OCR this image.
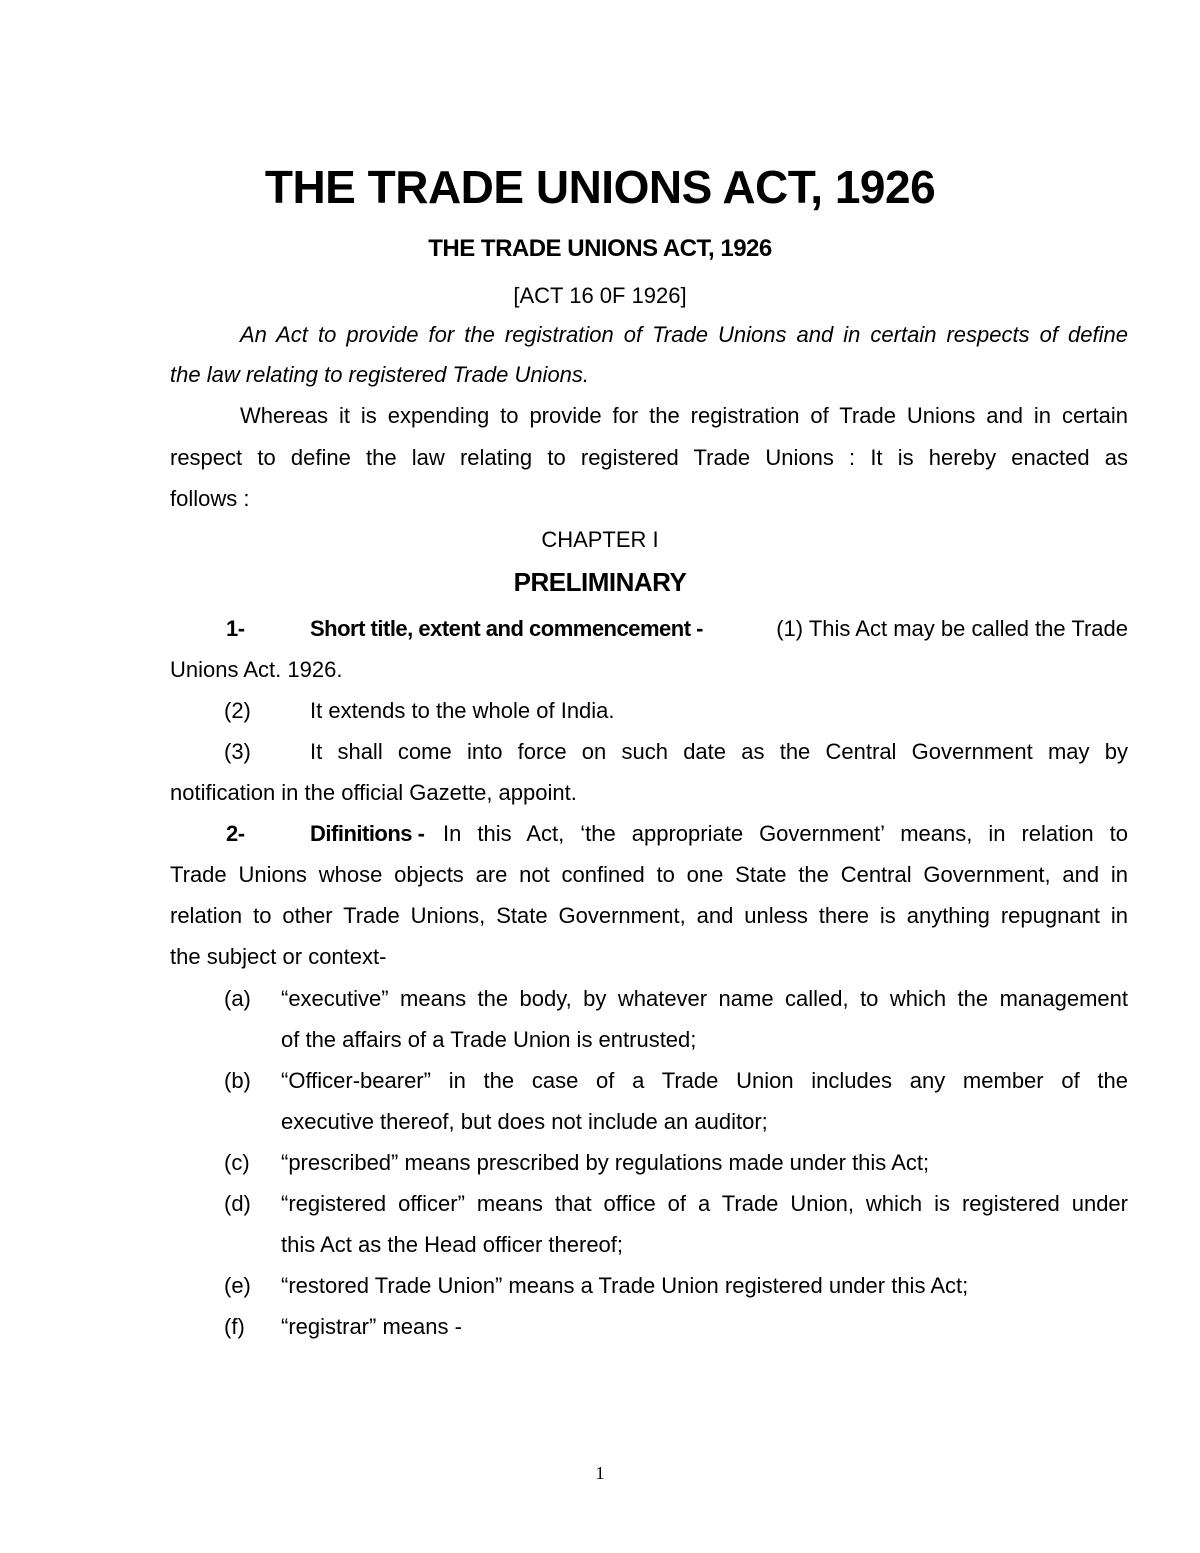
THE TRADE UNIONS ACT, 1926
THE TRADE UNIONS ACT, 1926
[ACT 16 0F 1926]
An Act to provide for the registration of Trade Unions and in certain respects of define
the law relating to registered Trade Unions.
Whereas it is expending to provide for the registration of Trade Unions and in certain
respect to define the law relating to registered Trade Unions : It is hereby enacted as
follows :
CHAPTER I
PRELIMINARY
1-	Short title, extent and commencement -	(1) This Act may be called the Trade
Unions Act. 1926.
(2)	It extends to the whole of India.
(3)	It shall come into force on such date as the Central Government may by
notification in the official Gazette, appoint.
2-	Difinitions - In this Act, ‘the appropriate Government’ means, in relation to
Trade Unions whose objects are not confined to one State the Central Government, and in
relation to other Trade Unions, State Government, and unless there is anything repugnant in
the subject or context-
(a) “executive” means the body, by whatever name called, to which the management
of the affairs of a Trade Union is entrusted;
(b) “Officer-bearer” in the case of a Trade Union includes any member of the
executive thereof, but does not include an auditor;
(c) “prescribed” means prescribed by regulations made under this Act;
(d) “registered officer” means that office of a Trade Union, which is registered under
this Act as the Head officer thereof;
(e) “restored Trade Union” means a Trade Union registered under this Act;
(f) “registrar” means -
1
